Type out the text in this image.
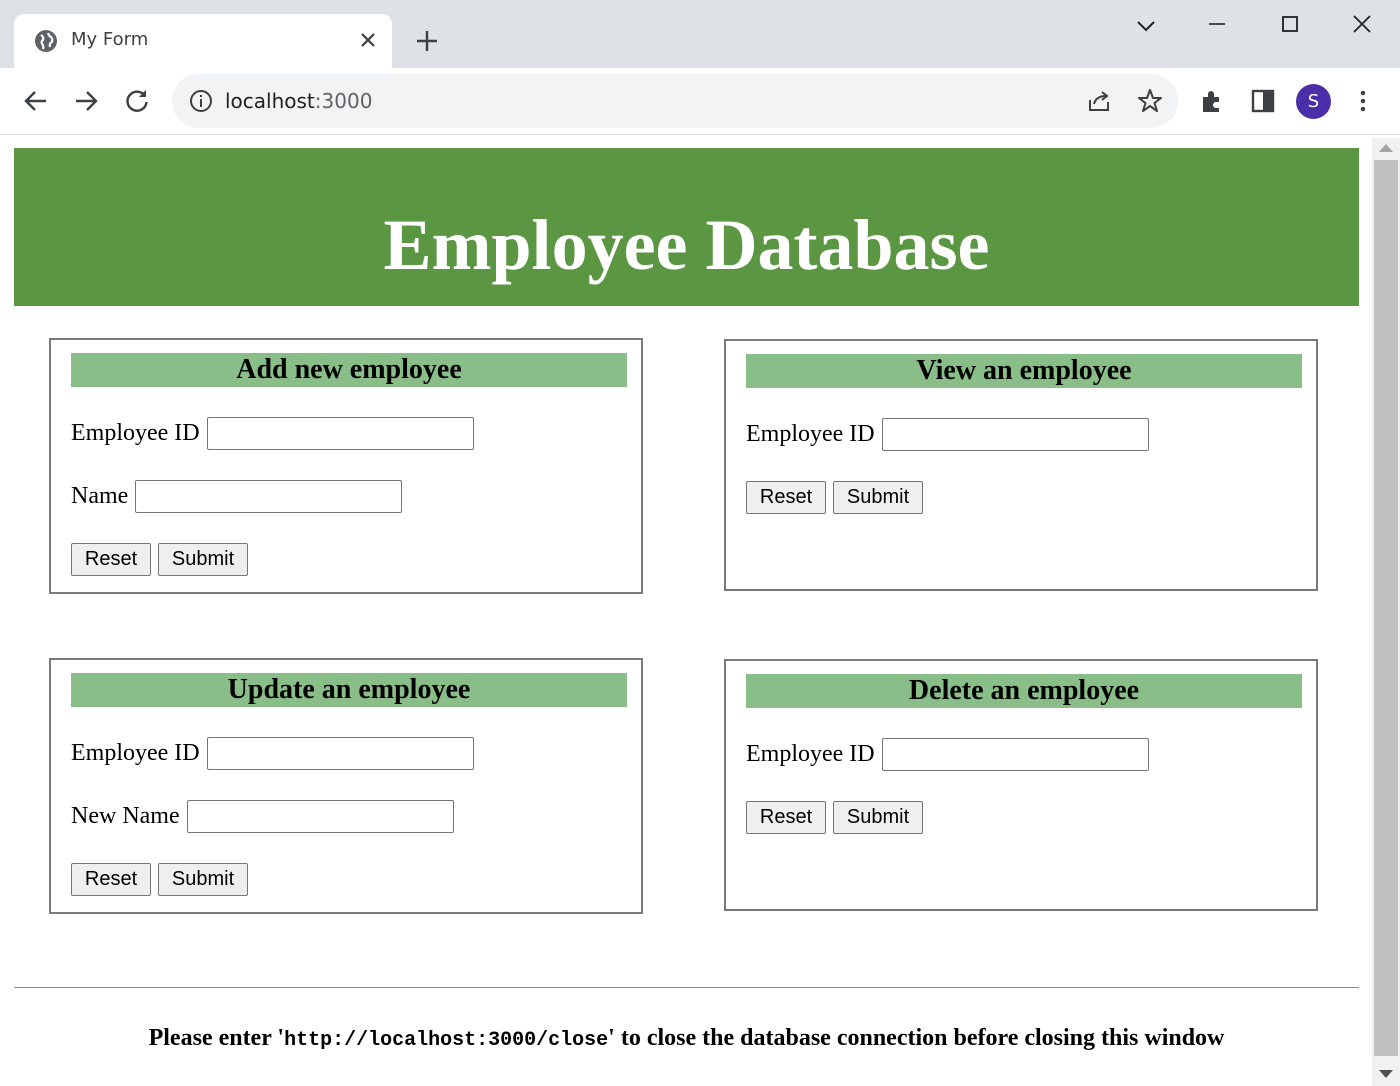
My Form
localhost:3000	S
Employee Database
Add new employee
Employee ID
Name
Reset	Submit
View an employee
Employee ID
Reset	Submit
Update an employee
Employee ID
New Name
Reset	Submit
Delete an employee
Employee ID
Reset	Submit
Please enter 'http://localhost:3000/close' to close the database connection before closing this window
